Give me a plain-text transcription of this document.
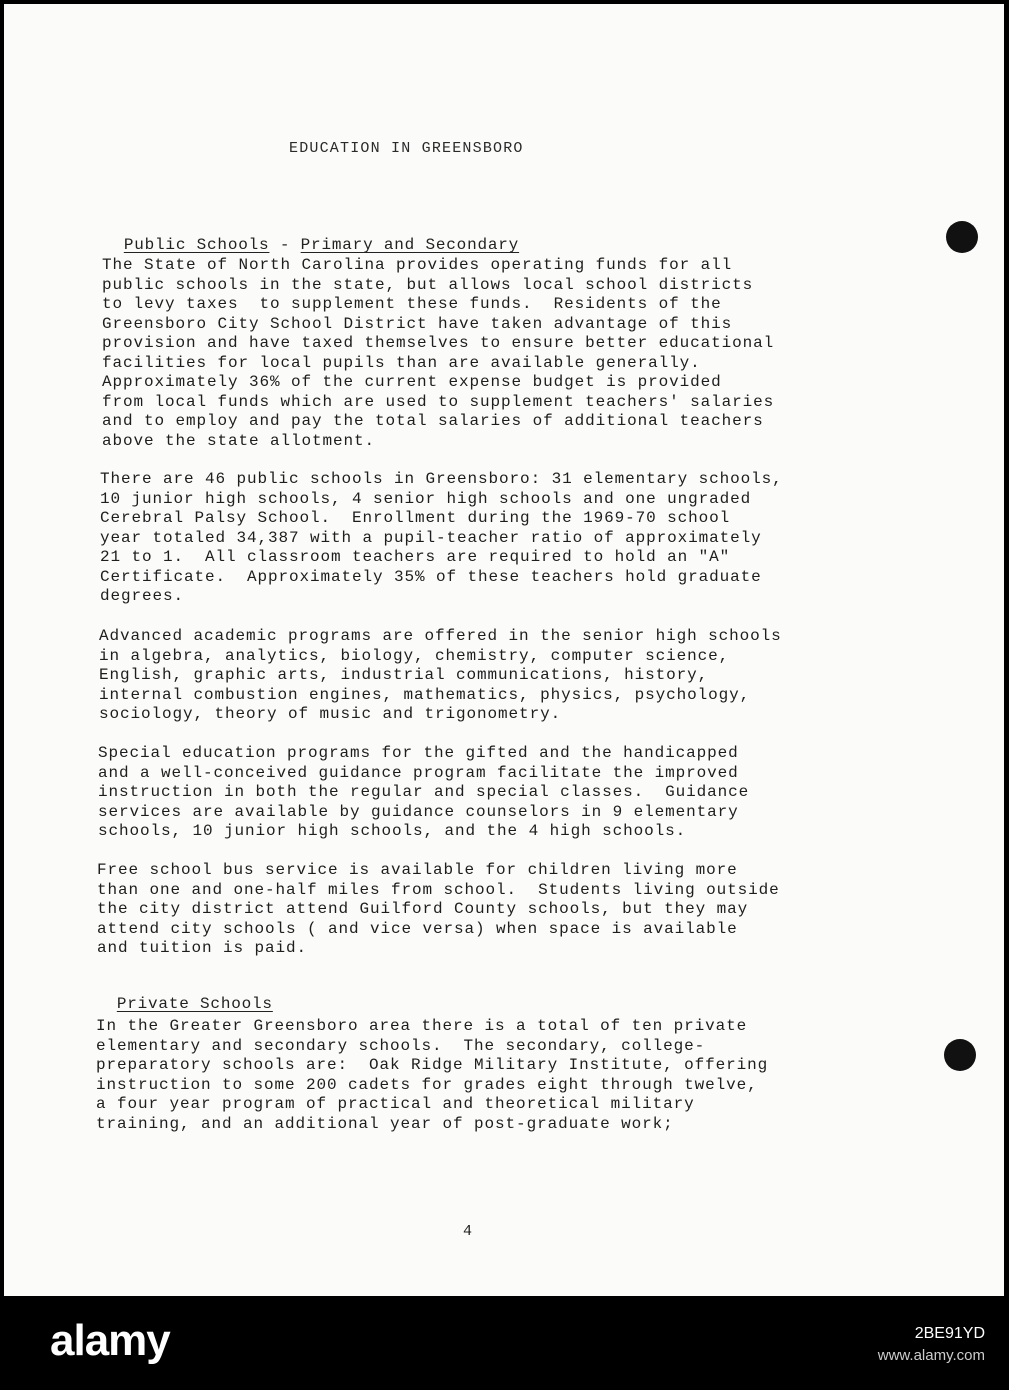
EDUCATION IN GREENSBORO

Public Schools - Primary and Secondary

The State of North Carolina provides operating funds for all
public schools in the state, but allows local school districts
to levy taxes  to supplement these funds.  Residents of the
Greensboro City School District have taken advantage of this
provision and have taxed themselves to ensure better educational
facilities for local pupils than are available generally.
Approximately 36% of the current expense budget is provided
from local funds which are used to supplement teachers' salaries
and to employ and pay the total salaries of additional teachers
above the state allotment.

There are 46 public schools in Greensboro: 31 elementary schools,
10 junior high schools, 4 senior high schools and one ungraded
Cerebral Palsy School.  Enrollment during the 1969-70 school
year totaled 34,387 with a pupil-teacher ratio of approximately
21 to 1.  All classroom teachers are required to hold an "A"
Certificate.  Approximately 35% of these teachers hold graduate
degrees.

Advanced academic programs are offered in the senior high schools
in algebra, analytics, biology, chemistry, computer science,
English, graphic arts, industrial communications, history,
internal combustion engines, mathematics, physics, psychology,
sociology, theory of music and trigonometry.

Special education programs for the gifted and the handicapped
and a well-conceived guidance program facilitate the improved
instruction in both the regular and special classes.  Guidance
services are available by guidance counselors in 9 elementary
schools, 10 junior high schools, and the 4 high schools.

Free school bus service is available for children living more
than one and one-half miles from school.  Students living outside
the city district attend Guilford County schools, but they may
attend city schools ( and vice versa) when space is available
and tuition is paid.

Private Schools

In the Greater Greensboro area there is a total of ten private
elementary and secondary schools.  The secondary, college-
preparatory schools are:  Oak Ridge Military Institute, offering
instruction to some 200 cadets for grades eight through twelve,
a four year program of practical and theoretical military
training, and an additional year of post-graduate work;

4
alamy	2BE91YD
www.alamy.com
